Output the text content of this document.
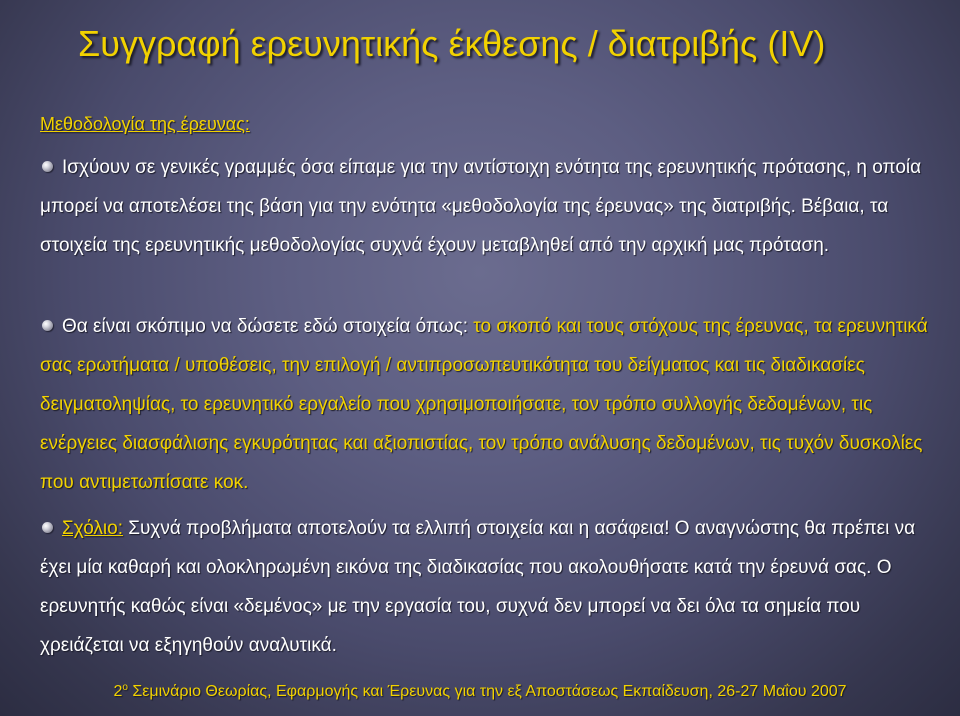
Συγγραφή ερευνητικής έκθεσης / διατριβής (IV)
Μεθοδολογία της έρευνας:

Ισχύουν σε γενικές γραμμές όσα είπαμε για την αντίστοιχη ενότητα της ερευνητικής πρότασης, η οποία μπορεί να αποτελέσει της βάση για την ενότητα «μεθοδολογία της έρευνας» της διατριβής. Βέβαια, τα στοιχεία της ερευνητικής μεθοδολογίας συχνά έχουν μεταβληθεί από την αρχική μας πρόταση.

Θα είναι σκόπιμο να δώσετε εδώ στοιχεία όπως: το σκοπό και τους στόχους της έρευνας, τα ερευνητικά σας ερωτήματα / υποθέσεις, την επιλογή / αντιπροσωπευτικότητα του δείγματος και τις διαδικασίες δειγματοληψίας, το ερευνητικό εργαλείο που χρησιμοποιήσατε, τον τρόπο συλλογής δεδομένων, τις ενέργειες διασφάλισης εγκυρότητας και αξιοπιστίας, τον τρόπο ανάλυσης δεδομένων, τις τυχόν δυσκολίες που αντιμετωπίσατε κοκ.

Σχόλιο: Συχνά προβλήματα αποτελούν τα ελλιπή στοιχεία και η ασάφεια! Ο αναγνώστης θα πρέπει να έχει μία καθαρή και ολοκληρωμένη εικόνα της διαδικασίας που ακολουθήσατε κατά την έρευνά σας. Ο ερευνητής καθώς είναι «δεμένος» με την εργασία του, συχνά δεν μπορεί να δει όλα τα σημεία που χρειάζεται να εξηγηθούν αναλυτικά.

$2^o$ Σεμινάριο Θεωρίας, Εφαρμογής και Έρευνας για την εξ Αποστάσεως Εκπαίδευση, 26-27 Μαΐου 2007
